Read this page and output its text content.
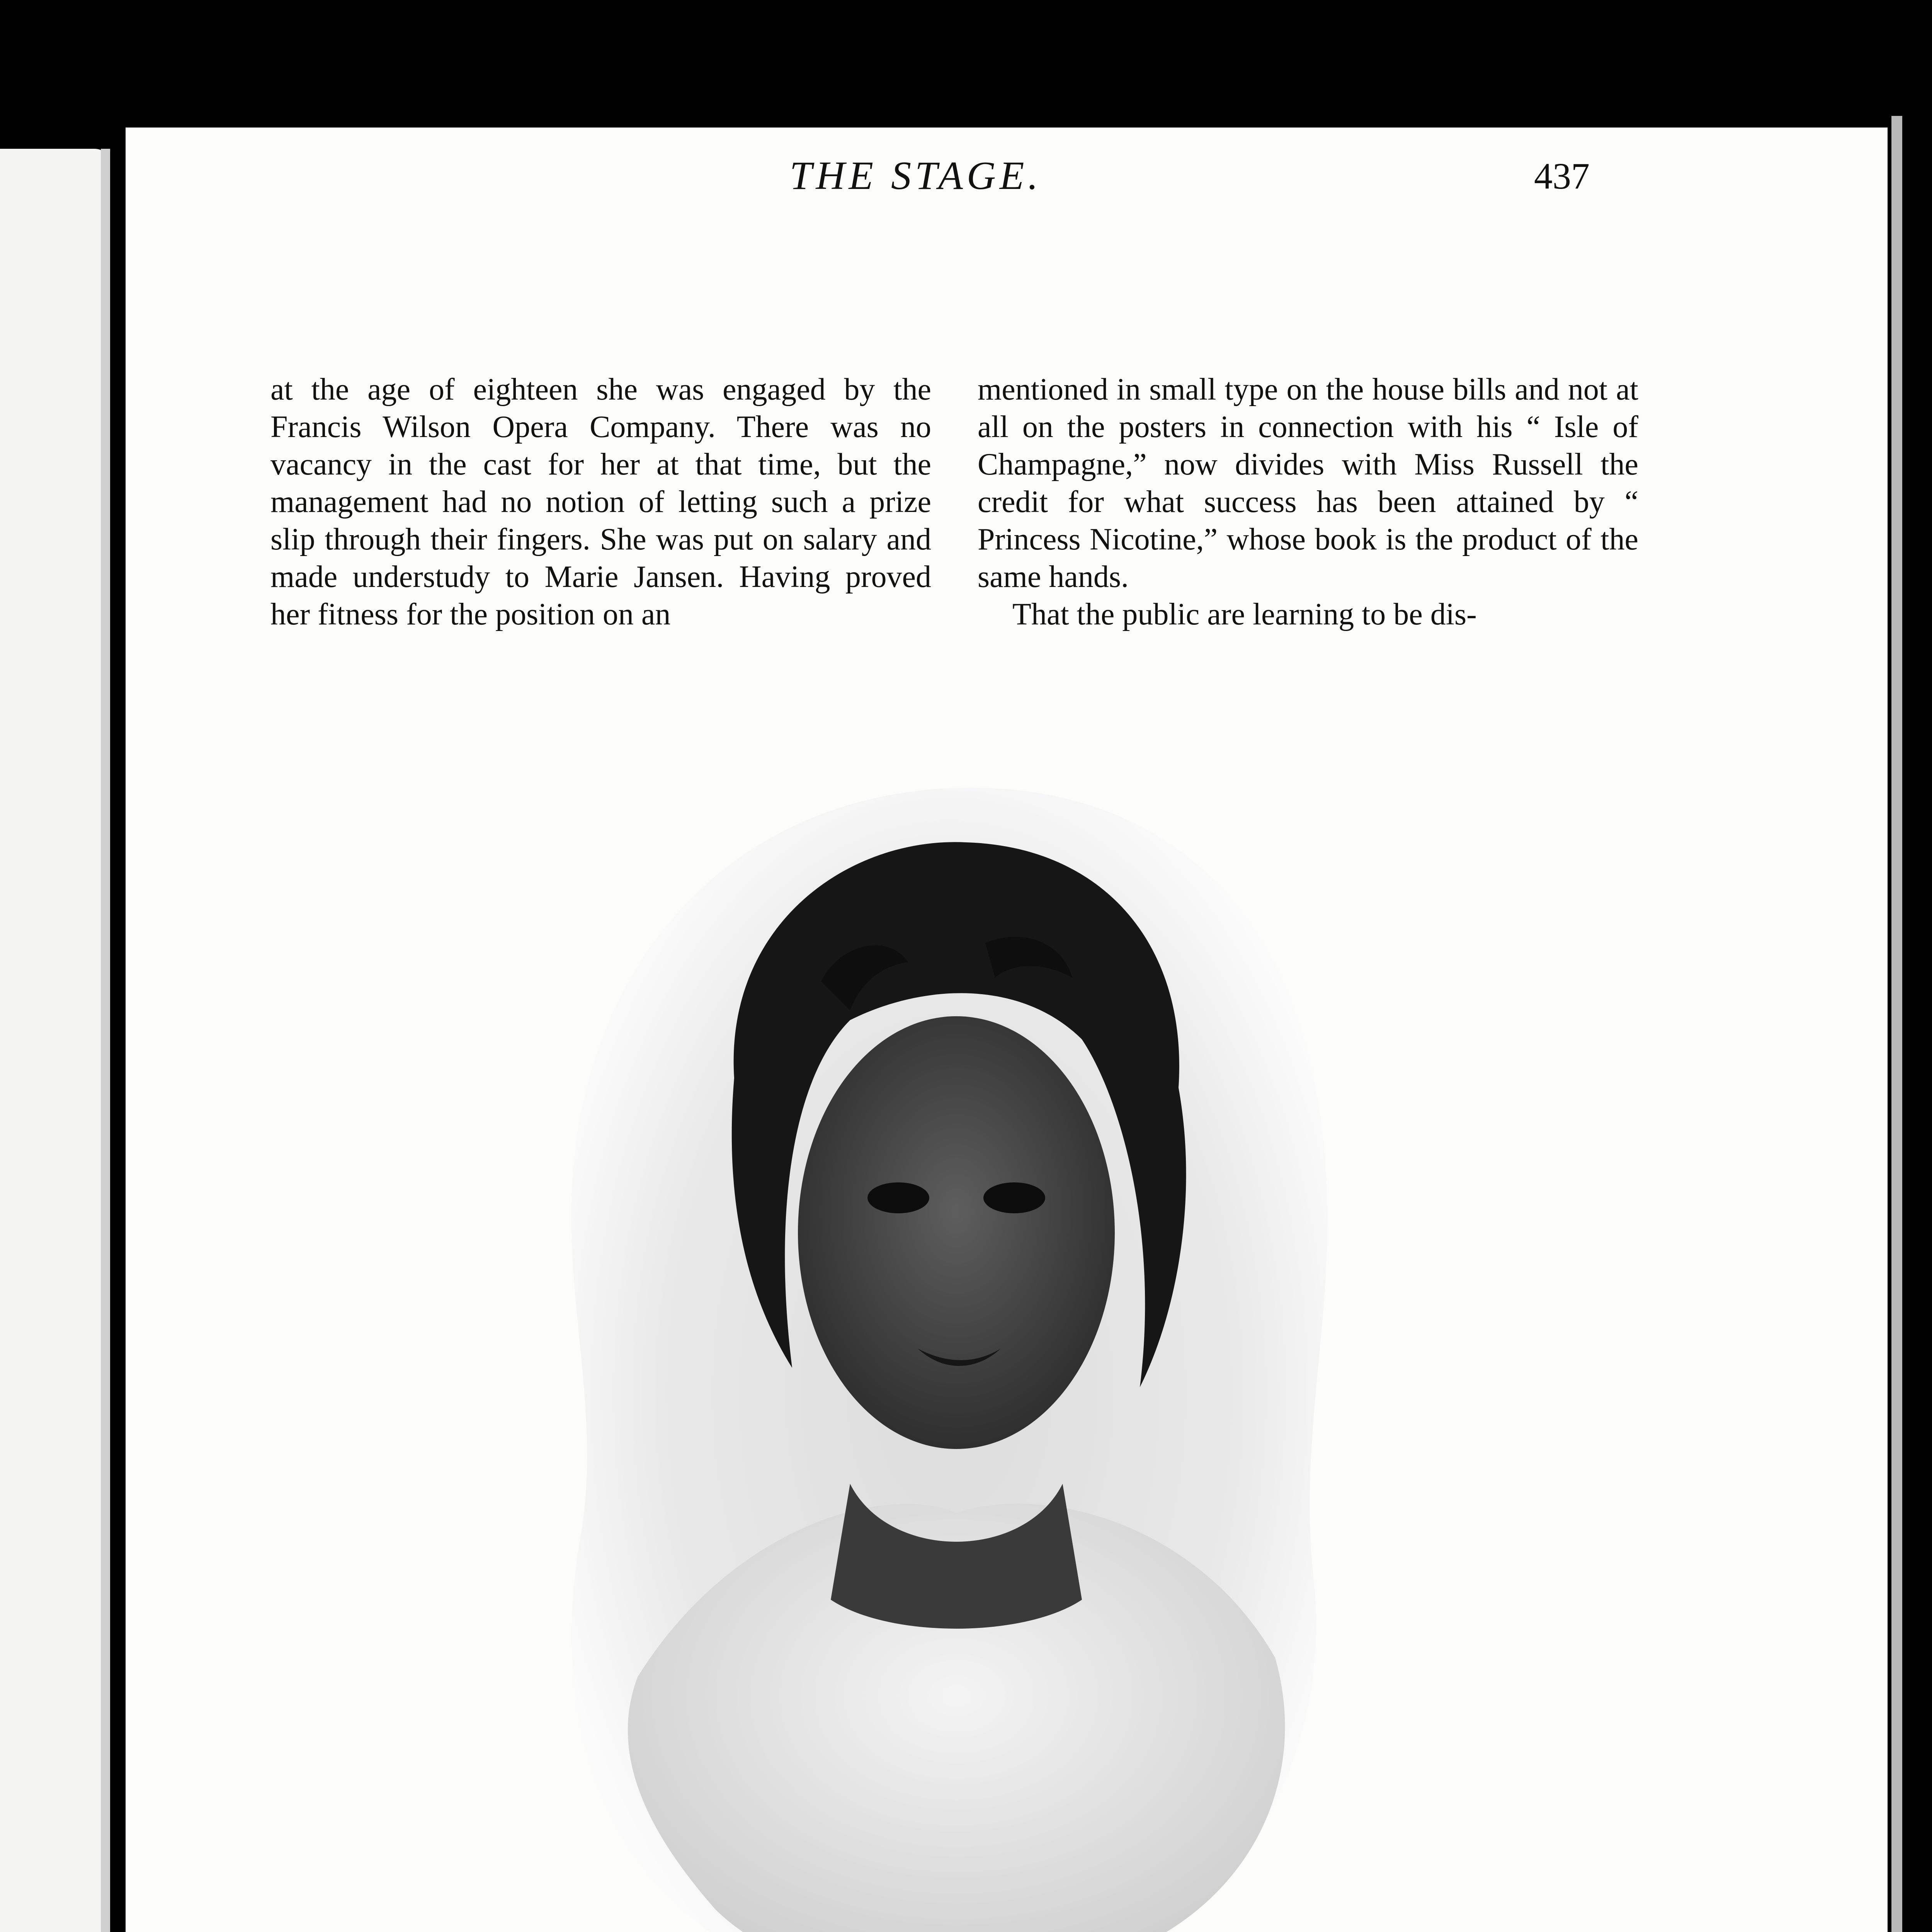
THE STAGE.	437

at the age of eighteen she was engaged by the Francis Wilson Opera Company. There was no vacancy in the cast for her at that time, but the management had no notion of letting such a prize slip through their fingers. She was put on salary and made understudy to Marie Jansen. Having proved her fitness for the position on an

mentioned in small type on the house bills and not at all on the posters in connection with his “ Isle of Champagne,” now divides with Miss Russell the credit for what success has been attained by “ Princess Nicotine,” whose book is the product of the same hands.

That the public are learning to be dis-
